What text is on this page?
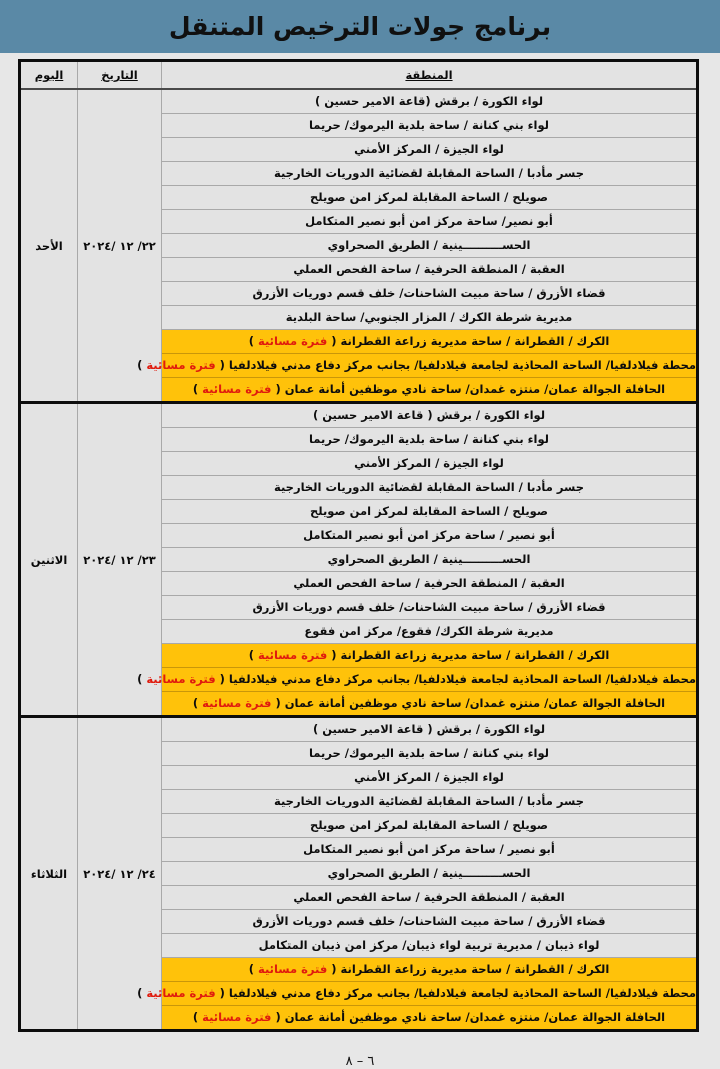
برنامج جولات الترخيص المتنقل
المنطقة	التاريخ	اليوم
لواء الكورة / برقش (قاعة الامير حسين )	٢٢/ ١٢ /٢٠٢٤	الأحد
لواء بني كنانة / ساحة بلدية اليرموك/ حريما		
لواء الجيزة / المركز الأمني		
جسر مأدبا / الساحة المقابلة لقضائية الدوريات الخارجية		
صويلح / الساحة المقابلة لمركز امن صويلح		
أبو نصير/ ساحة مركز امن أبو نصير المتكامل		
الحســــــــــينية / الطريق الصحراوي		
العقبة / المنطقة الحرفية / ساحة الفحص العملي		
قضاء الأزرق / ساحة مبيت الشاحنات/ خلف قسم دوريات الأزرق		
مديرية شرطة الكرك / المزار الجنوبي/ ساحة البلدية		
الكرك / القطرانة / ساحة مديرية زراعة القطرانة ( فترة مسائية )		
محطة فيلادلفيا/ الساحة المحاذية لجامعة فيلادلفيا/ بجانب مركز دفاع مدني فيلادلفيا ( فترة مسائية )		
الحافلة الجوالة عمان/ منتزه غمدان/ ساحة نادي موظفين أمانة عمان ( فترة مسائية )		
لواء الكورة / برقش ( قاعة الامير حسين )	٢٣/ ١٢ /٢٠٢٤	الاثنين
لواء بني كنانة / ساحة بلدية اليرموك/ حريما		
لواء الجيزة / المركز الأمني		
جسر مأدبا / الساحة المقابلة لقضائية الدوريات الخارجية		
صويلح / الساحة المقابلة لمركز امن صويلح		
أبو نصير / ساحة مركز امن أبو نصير المتكامل		
الحســــــــــينية / الطريق الصحراوي		
العقبة / المنطقة الحرفية / ساحة الفحص العملي		
قضاء الأزرق / ساحة مبيت الشاحنات/ خلف قسم دوريات الأزرق		
مديرية شرطة الكرك/ فقوع/ مركز امن فقوع		
الكرك / القطرانة / ساحة مديرية زراعة القطرانة ( فترة مسائية )		
محطة فيلادلفيا/ الساحة المحاذية لجامعة فيلادلفيا/ بجانب مركز دفاع مدني فيلادلفيا ( فترة مسائية )		
الحافلة الجوالة عمان/ منتزه غمدان/ ساحة نادي موظفين أمانة عمان ( فترة مسائية )		
لواء الكورة / برقش ( قاعة الامير حسين )	٢٤/ ١٢ /٢٠٢٤	الثلاثاء
لواء بني كنانة / ساحة بلدية اليرموك/ حريما		
لواء الجيزة / المركز الأمني		
جسر مأدبا / الساحة المقابلة لقضائية الدوريات الخارجية		
صويلح / الساحة المقابلة لمركز امن صويلح		
أبو نصير / ساحة مركز امن أبو نصير المتكامل		
الحســــــــــينية / الطريق الصحراوي		
العقبة / المنطقة الحرفية / ساحة الفحص العملي		
قضاء الأزرق / ساحة مبيت الشاحنات/ خلف قسم دوريات الأزرق		
لواء ذيبان / مديرية تربية لواء ذيبان/ مركز امن ذيبان المتكامل		
الكرك / القطرانة / ساحة مديرية زراعة القطرانة ( فترة مسائية )		
محطة فيلادلفيا/ الساحة المحاذية لجامعة فيلادلفيا/ بجانب مركز دفاع مدني فيلادلفيا ( فترة مسائية )		
الحافلة الجوالة عمان/ منتزه غمدان/ ساحة نادي موظفين أمانة عمان ( فترة مسائية )		
٦ – ٨
